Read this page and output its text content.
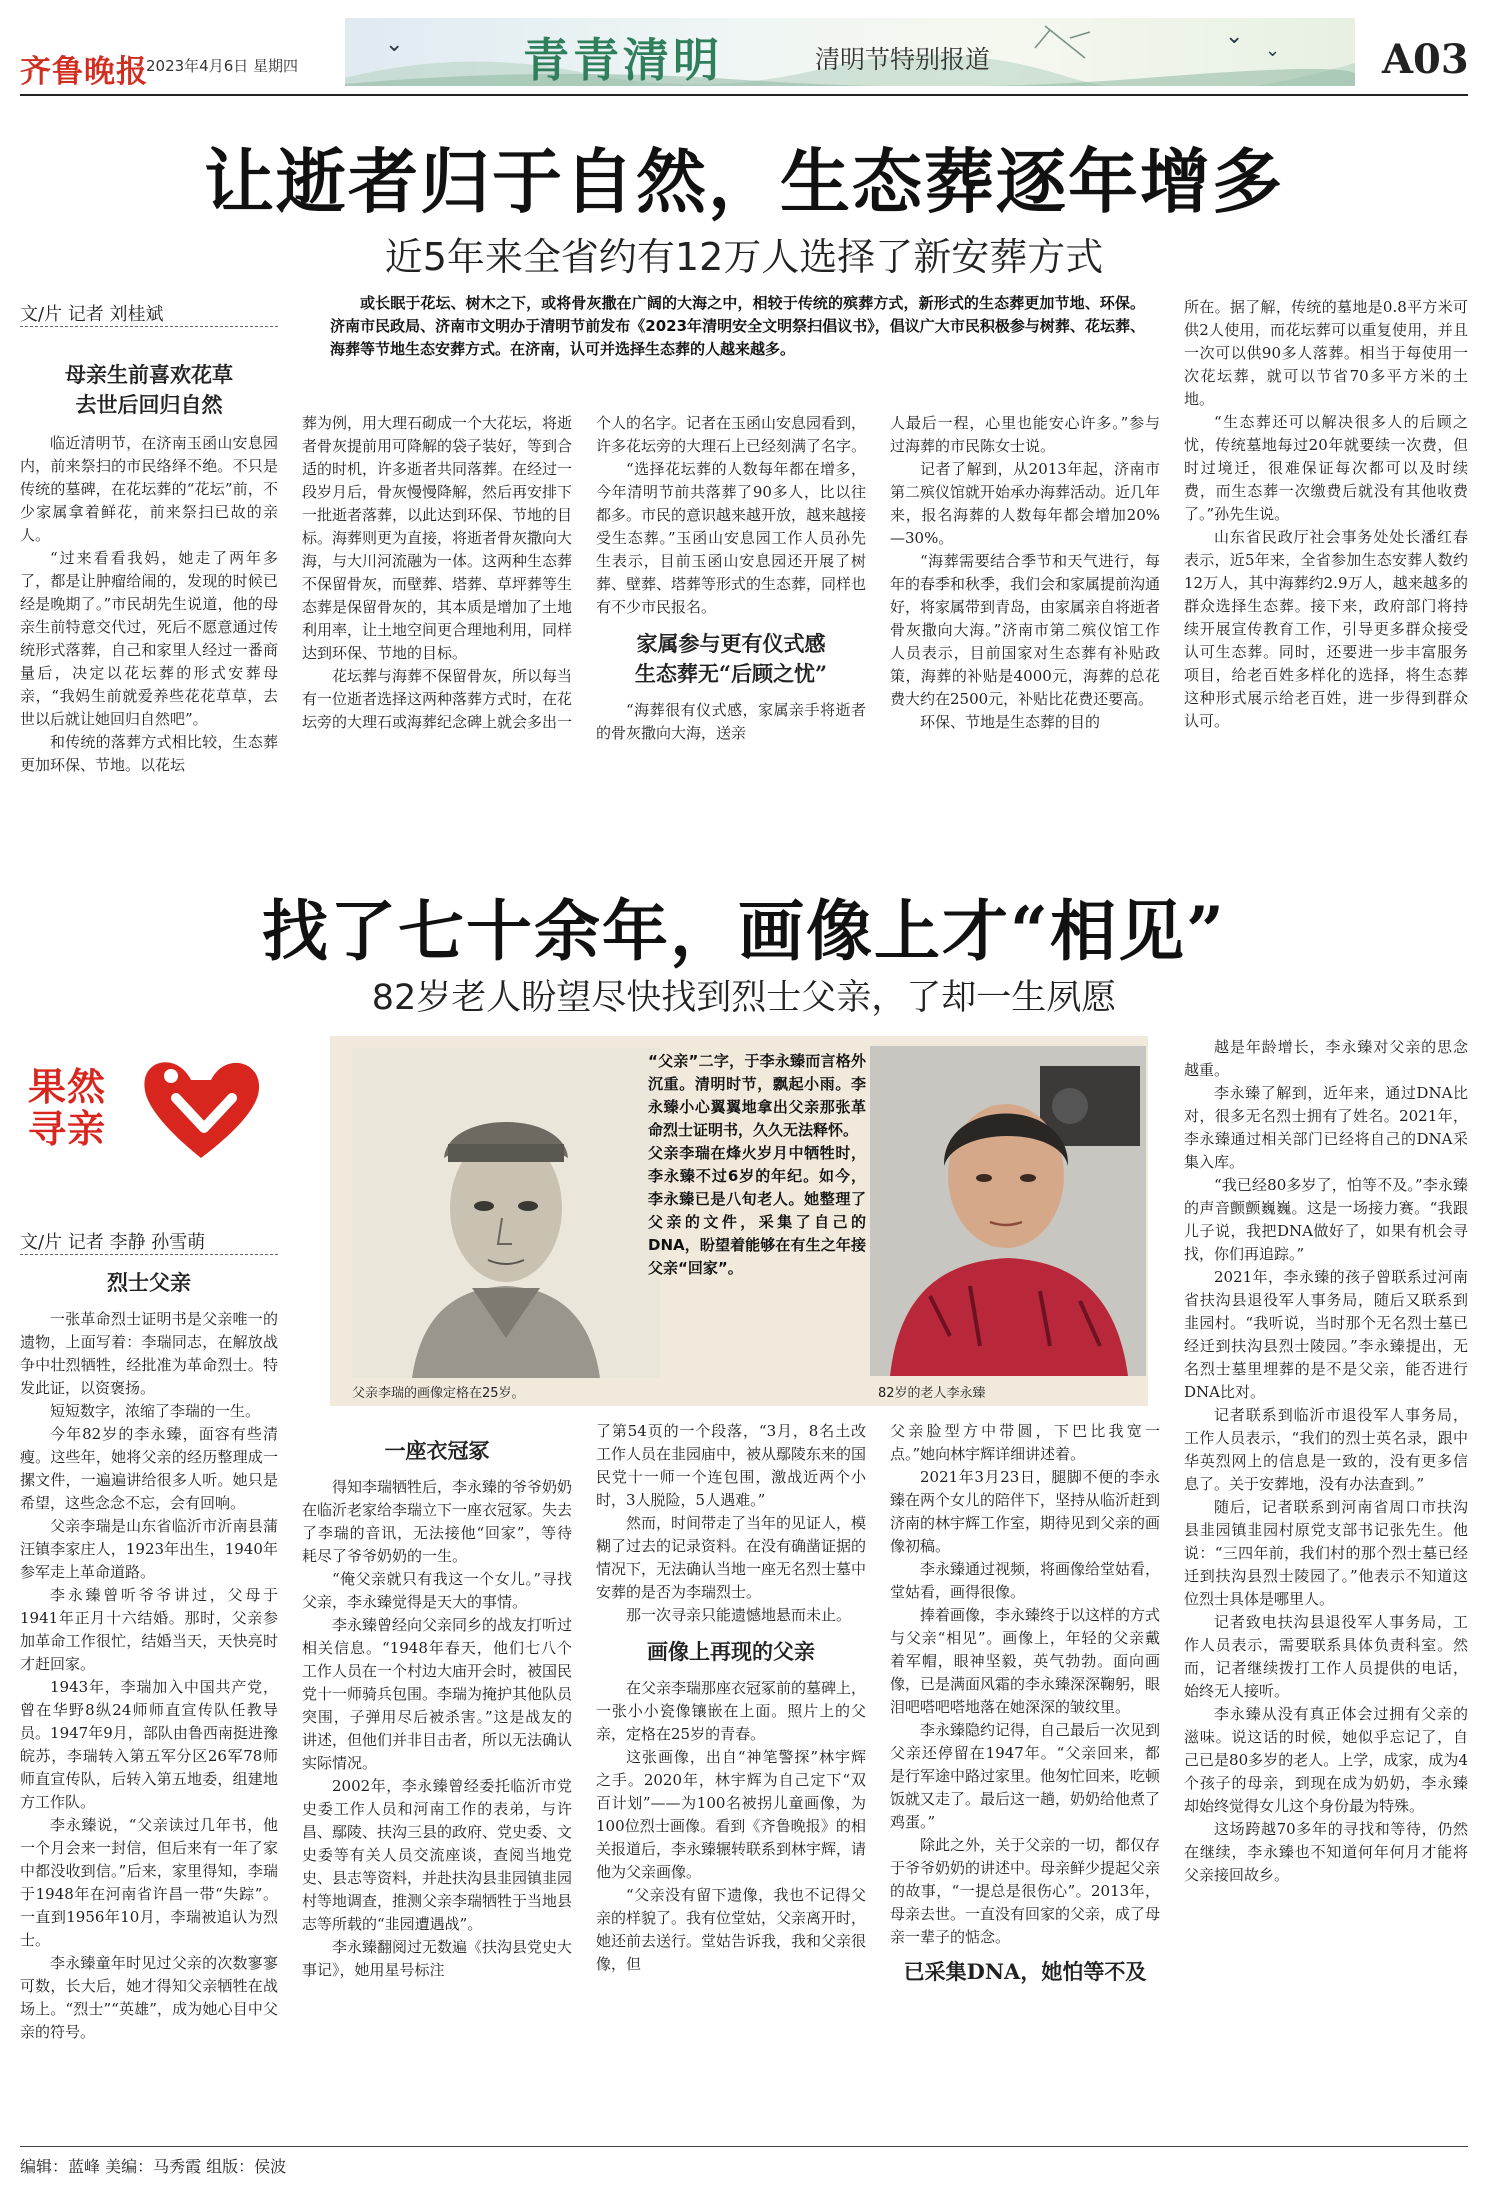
齐鲁晚报
2023年4月6日 星期四
⌄	⌄
⌄
青青清明	清明节特别报道	A03
让逝者归于自然，生态葬逐年增多
近5年来全省约有12万人选择了新安葬方式
文/片 记者 刘桂斌
或长眠于花坛、树木之下，或将骨灰撒在广阔的大海之中，相较于传统的殡葬方式，新形式的生态葬更加节地、环保。济南市民政局、济南市文明办于清明节前发布《2023年清明安全文明祭扫倡议书》，倡议广大市民积极参与树葬、花坛葬、海葬等节地生态安葬方式。在济南，认可并选择生态葬的人越来越多。
母亲生前喜欢花草
去世后回归自然

临近清明节，在济南玉函山安息园内，前来祭扫的市民络绎不绝。不只是传统的墓碑，在花坛葬的“花坛”前，不少家属拿着鲜花，前来祭扫已故的亲人。

“过来看看我妈，她走了两年多了，都是让肿瘤给闹的，发现的时候已经是晚期了。”市民胡先生说道，他的母亲生前特意交代过，死后不愿意通过传统形式落葬，自己和家里人经过一番商量后，决定以花坛葬的形式安葬母亲，“我妈生前就爱养些花花草草，去世以后就让她回归自然吧”。

和传统的落葬方式相比较，生态葬更加环保、节地。以花坛

葬为例，用大理石砌成一个大花坛，将逝者骨灰提前用可降解的袋子装好，等到合适的时机，许多逝者共同落葬。在经过一段岁月后，骨灰慢慢降解，然后再安排下一批逝者落葬，以此达到环保、节地的目标。海葬则更为直接，将逝者骨灰撒向大海，与大川河流融为一体。这两种生态葬不保留骨灰，而壁葬、塔葬、草坪葬等生态葬是保留骨灰的，其本质是增加了土地利用率，让土地空间更合理地利用，同样达到环保、节地的目标。

花坛葬与海葬不保留骨灰，所以每当有一位逝者选择这两种落葬方式时，在花坛旁的大理石或海葬纪念碑上就会多出一

个人的名字。记者在玉函山安息园看到，许多花坛旁的大理石上已经刻满了名字。

“选择花坛葬的人数每年都在增多，今年清明节前共落葬了90多人，比以往都多。市民的意识越来越开放，越来越接受生态葬。”玉函山安息园工作人员孙先生表示，目前玉函山安息园还开展了树葬、壁葬、塔葬等形式的生态葬，同样也有不少市民报名。

家属参与更有仪式感
生态葬无“后顾之忧”

“海葬很有仪式感，家属亲手将逝者的骨灰撒向大海，送亲

人最后一程，心里也能安心许多。”参与过海葬的市民陈女士说。

记者了解到，从2013年起，济南市第二殡仪馆就开始承办海葬活动。近几年来，报名海葬的人数每年都会增加20%—30%。

“海葬需要结合季节和天气进行，每年的春季和秋季，我们会和家属提前沟通好，将家属带到青岛，由家属亲自将逝者骨灰撒向大海。”济南市第二殡仪馆工作人员表示，目前国家对生态葬有补贴政策，海葬的补贴是4000元，海葬的总花费大约在2500元，补贴比花费还要高。

环保、节地是生态葬的目的

所在。据了解，传统的墓地是0.8平方米可供2人使用，而花坛葬可以重复使用，并且一次可以供90多人落葬。相当于每使用一次花坛葬，就可以节省70多平方米的土地。

“生态葬还可以解决很多人的后顾之忧，传统墓地每过20年就要续一次费，但时过境迁，很难保证每次都可以及时续费，而生态葬一次缴费后就没有其他收费了。”孙先生说。

山东省民政厅社会事务处处长潘红春表示，近5年来，全省参加生态安葬人数约12万人，其中海葬约2.9万人，越来越多的群众选择生态葬。接下来，政府部门将持续开展宣传教育工作，引导更多群众接受认可生态葬。同时，还要进一步丰富服务项目，给老百姓多样化的选择，将生态葬这种形式展示给老百姓，进一步得到群众认可。

找了七十余年，画像上才“相见”
82岁老人盼望尽快找到烈士父亲，了却一生夙愿
果然寻亲
文/片 记者 李静 孙雪萌
父亲李瑞的画像定格在25岁。
“父亲”二字，于李永臻而言格外沉重。清明时节，飘起小雨。李永臻小心翼翼地拿出父亲那张革命烈士证明书，久久无法释怀。
父亲李瑞在烽火岁月中牺牲时，李永臻不过6岁的年纪。如今，李永臻已是八旬老人。她整理了父亲的文件，采集了自己的DNA，盼望着能够在有生之年接父亲“回家”。
82岁的老人李永臻
烈士父亲

一张革命烈士证明书是父亲唯一的遗物，上面写着：李瑞同志，在解放战争中壮烈牺牲，经批准为革命烈士。特发此证，以资褒扬。

短短数字，浓缩了李瑞的一生。

今年82岁的李永臻，面容有些清瘦。这些年，她将父亲的经历整理成一摞文件，一遍遍讲给很多人听。她只是希望，这些念念不忘，会有回响。

父亲李瑞是山东省临沂市沂南县蒲汪镇李家庄人，1923年出生，1940年参军走上革命道路。

李永臻曾听爷爷讲过，父母于1941年正月十六结婚。那时，父亲参加革命工作很忙，结婚当天，天快亮时才赶回家。

1943年，李瑞加入中国共产党，曾在华野8纵24师师直宣传队任教导员。1947年9月，部队由鲁西南挺进豫皖苏，李瑞转入第五军分区26军78师师直宣传队，后转入第五地委，组建地方工作队。

李永臻说，“父亲读过几年书，他一个月会来一封信，但后来有一年了家中都没收到信。”后来，家里得知，李瑞于1948年在河南省许昌一带“失踪”。一直到1956年10月，李瑞被追认为烈士。

李永臻童年时见过父亲的次数寥寥可数，长大后，她才得知父亲牺牲在战场上。“烈士”“英雄”，成为她心目中父亲的符号。

一座衣冠冢

得知李瑞牺牲后，李永臻的爷爷奶奶在临沂老家给李瑞立下一座衣冠冢。失去了李瑞的音讯，无法接他“回家”，等待耗尽了爷爷奶奶的一生。

“俺父亲就只有我这一个女儿。”寻找父亲，李永臻觉得是天大的事情。

李永臻曾经向父亲同乡的战友打听过相关信息。“1948年春天，他们七八个工作人员在一个村边大庙开会时，被国民党十一师骑兵包围。李瑞为掩护其他队员突围，子弹用尽后被杀害。”这是战友的讲述，但他们并非目击者，所以无法确认实际情况。

2002年，李永臻曾经委托临沂市党史委工作人员和河南工作的表弟，与许昌、鄢陵、扶沟三县的政府、党史委、文史委等有关人员交流座谈，查阅当地党史、县志等资料，并赴扶沟县韭园镇韭园村等地调查，推测父亲李瑞牺牲于当地县志等所载的“韭园遭遇战”。

李永臻翻阅过无数遍《扶沟县党史大事记》，她用星号标注

了第54页的一个段落，“3月，8名土改工作人员在韭园庙中，被从鄢陵东来的国民党十一师一个连包围，激战近两个小时，3人脱险，5人遇难。”

然而，时间带走了当年的见证人，模糊了过去的记录资料。在没有确凿证据的情况下，无法确认当地一座无名烈士墓中安葬的是否为李瑞烈士。

那一次寻亲只能遗憾地悬而未止。

画像上再现的父亲

在父亲李瑞那座衣冠冢前的墓碑上，一张小小瓷像镶嵌在上面。照片上的父亲，定格在25岁的青春。

这张画像，出自“神笔警探”林宇辉之手。2020年，林宇辉为自己定下“双百计划”——为100名被拐儿童画像，为100位烈士画像。看到《齐鲁晚报》的相关报道后，李永臻辗转联系到林宇辉，请他为父亲画像。

“父亲没有留下遗像，我也不记得父亲的样貌了。我有位堂姑，父亲离开时，她还前去送行。堂姑告诉我，我和父亲很像，但

父亲脸型方中带圆，下巴比我宽一点。”她向林宇辉详细讲述着。

2021年3月23日，腿脚不便的李永臻在两个女儿的陪伴下，坚持从临沂赶到济南的林宇辉工作室，期待见到父亲的画像初稿。

李永臻通过视频，将画像给堂姑看，堂姑看，画得很像。

捧着画像，李永臻终于以这样的方式与父亲“相见”。画像上，年轻的父亲戴着军帽，眼神坚毅，英气勃勃。面向画像，已是满面风霜的李永臻深深鞠躬，眼泪吧嗒吧嗒地落在她深深的皱纹里。

李永臻隐约记得，自己最后一次见到父亲还停留在1947年。“父亲回来，都是行军途中路过家里。他匆忙回来，吃顿饭就又走了。最后这一趟，奶奶给他煮了鸡蛋。”

除此之外，关于父亲的一切，都仅存于爷爷奶奶的讲述中。母亲鲜少提起父亲的故事，“一提总是很伤心”。2013年，母亲去世。一直没有回家的父亲，成了母亲一辈子的惦念。

已采集DNA，她怕等不及

越是年龄增长，李永臻对父亲的思念越重。

李永臻了解到，近年来，通过DNA比对，很多无名烈士拥有了姓名。2021年，李永臻通过相关部门已经将自己的DNA采集入库。

“我已经80多岁了，怕等不及。”李永臻的声音颤颤巍巍。这是一场接力赛。“我跟儿子说，我把DNA做好了，如果有机会寻找，你们再追踪。”

2021年，李永臻的孩子曾联系过河南省扶沟县退役军人事务局，随后又联系到韭园村。“我听说，当时那个无名烈士墓已经迁到扶沟县烈士陵园。”李永臻提出，无名烈士墓里埋葬的是不是父亲，能否进行DNA比对。

记者联系到临沂市退役军人事务局，工作人员表示，“我们的烈士英名录，跟中华英烈网上的信息是一致的，没有更多信息了。关于安葬地，没有办法查到。”

随后，记者联系到河南省周口市扶沟县韭园镇韭园村原党支部书记张先生。他说：“三四年前，我们村的那个烈士墓已经迁到扶沟县烈士陵园了。”他表示不知道这位烈士具体是哪里人。

记者致电扶沟县退役军人事务局，工作人员表示，需要联系具体负责科室。然而，记者继续拨打工作人员提供的电话，始终无人接听。

李永臻从没有真正体会过拥有父亲的滋味。说这话的时候，她似乎忘记了，自己已是80多岁的老人。上学，成家，成为4个孩子的母亲，到现在成为奶奶，李永臻却始终觉得女儿这个身份最为特殊。

这场跨越70多年的寻找和等待，仍然在继续，李永臻也不知道何年何月才能将父亲接回故乡。

编辑：蓝峰 美编：马秀霞 组版：侯波
